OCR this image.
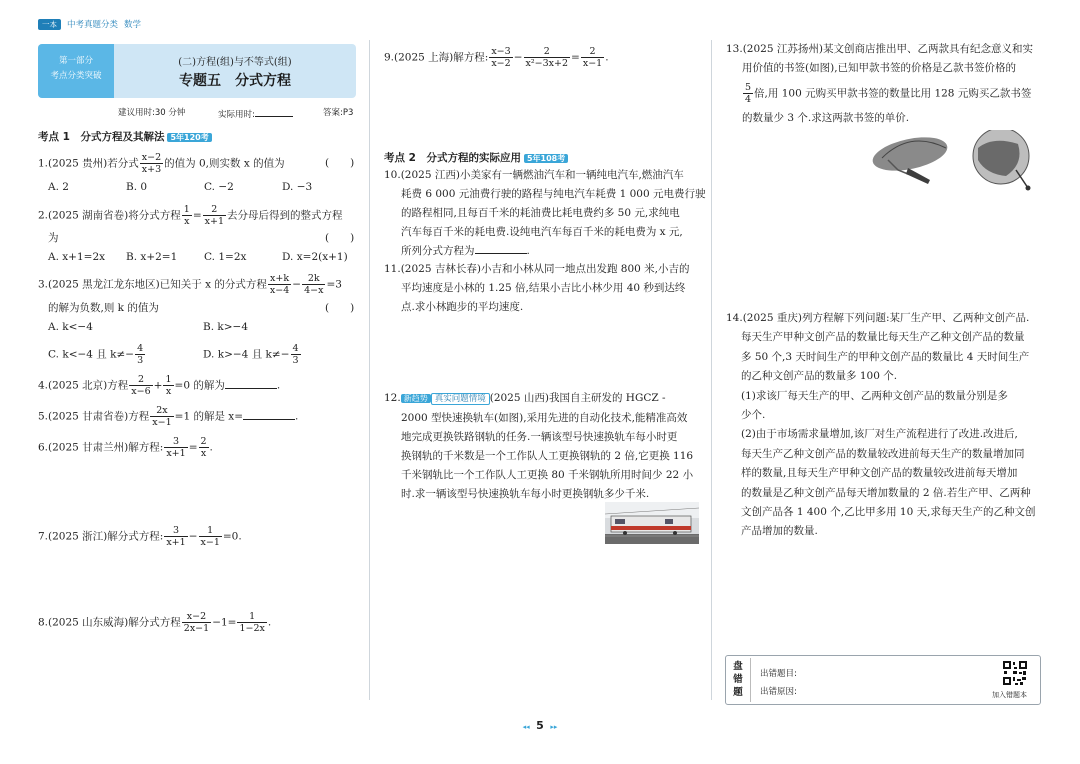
一本	中考真题分类 数学
第一部分
考点分类突破
(二)方程(组)与不等式(组)
专题五　分式方程
建议用时:30 分钟	实际用时:	答案:P3
考点 1　分式方程及其解法 5年120考
1.(2025 贵州)若分式 $\frac{x-2}{x+3}$ 的值为 0,则实数 x 的值为	(　　)
A. 2	B. 0	C. −2	D. −3
2.(2025 湖南省卷)将分式方程 $\frac{1}{x} = \frac{2}{x+1}$ 去分母后得到的整式方程
为	(　　)
A. x+1=2x	B. x+2=1	C. 1=2x	D. x=2(x+1)
3.(2025 黑龙江龙东地区)已知关于 x 的分式方程 $\frac{x+k}{x-4} - \frac{2k}{4-x} =3$
的解为负数,则 k 的值为	(　　)
A. k<−4	B. k>−4
C. k<−4 且 $k\ne- \frac{4}{3}$	D. k>−4 且 $k\ne- \frac{4}{3}$
4.(2025 北京)方程 $\frac{2}{x-6} + \frac{1}{x} =0$ 的解为	.
5.(2025 甘肃省卷)方程 $\frac{2x}{x-1} =1$ 的解是 x=	.
6.(2025 甘肃兰州)解方程: $\frac{3}{x+1} = \frac{2}{x}$ .
7.(2025 浙江)解分式方程: $\frac{3}{x+1} - \frac{1}{x-1} =0$.
8.(2025 山东威海)解分式方程 $\frac{x-2}{2x-1} -1= \frac{1}{1-2x}$ .
9.(2025 上海)解方程: $\frac{x-3}{x-2} - \frac{2}{\text{x²−3x+2}} = \frac{2}{x-1}$ .
考点 2　分式方程的实际应用 5年108考
10.(2025 江西)小美家有一辆燃油汽车和一辆纯电汽车,燃油汽车
耗费 6 000 元油费行驶的路程与纯电汽车耗费 1 000 元电费行驶
的路程相同,且每百千米的耗油费比耗电费约多 50 元,求纯电
汽车每百千米的耗电费.设纯电汽车每百千米的耗电费为 x 元,
所列分式方程为	.
11.(2025 吉林长春)小吉和小林从同一地点出发跑 800 米,小吉的
平均速度是小林的 1.25 倍,结果小吉比小林少用 40 秒到达终
点.求小林跑步的平均速度.
12. 新趋势 真实问题情境 (2025 山西)我国自主研发的 HGCZ -
2000 型快速换轨车(如图),采用先进的自动化技术,能精准高效
地完成更换铁路钢轨的任务.一辆该型号快速换轨车每小时更
换钢轨的千米数是一个工作队人工更换钢轨的 2 倍,它更换 116
千米钢轨比一个工作队人工更换 80 千米钢轨所用时间少 22 小
时.求一辆该型号快速换轨车每小时更换钢轨多少千米.
13.(2025 江苏扬州)某文创商店推出甲、乙两款具有纪念意义和实
用价值的书签(如图),已知甲款书签的价格是乙款书签价格的
$\frac{5}{4}$ 倍,用 100 元购买甲款书签的数量比用 128 元购买乙款书签
的数量少 3 个.求这两款书签的单价.
14.(2025 重庆)列方程解下列问题:某厂生产甲、乙两种文创产品.
每天生产甲种文创产品的数量比每天生产乙种文创产品的数量
多 50 个,3 天时间生产的甲种文创产品的数量比 4 天时间生产
的乙种文创产品的数量多 100 个.
(1)求该厂每天生产的甲、乙两种文创产品的数量分别是多
少个.
(2)由于市场需求量增加,该厂对生产流程进行了改进.改进后,
每天生产乙种文创产品的数量较改进前每天生产的数量增加同
样的数量,且每天生产甲种文创产品的数量较改进前每天增加
的数量是乙种文创产品每天增加数量的 2 倍.若生产甲、乙两种
文创产品各 1 400 个,乙比甲多用 10 天,求每天生产的乙种文创
产品增加的数量.
盘
错
题
出错题目:
出错原因:	加入错题本
◂◂ 5 ▸▸
